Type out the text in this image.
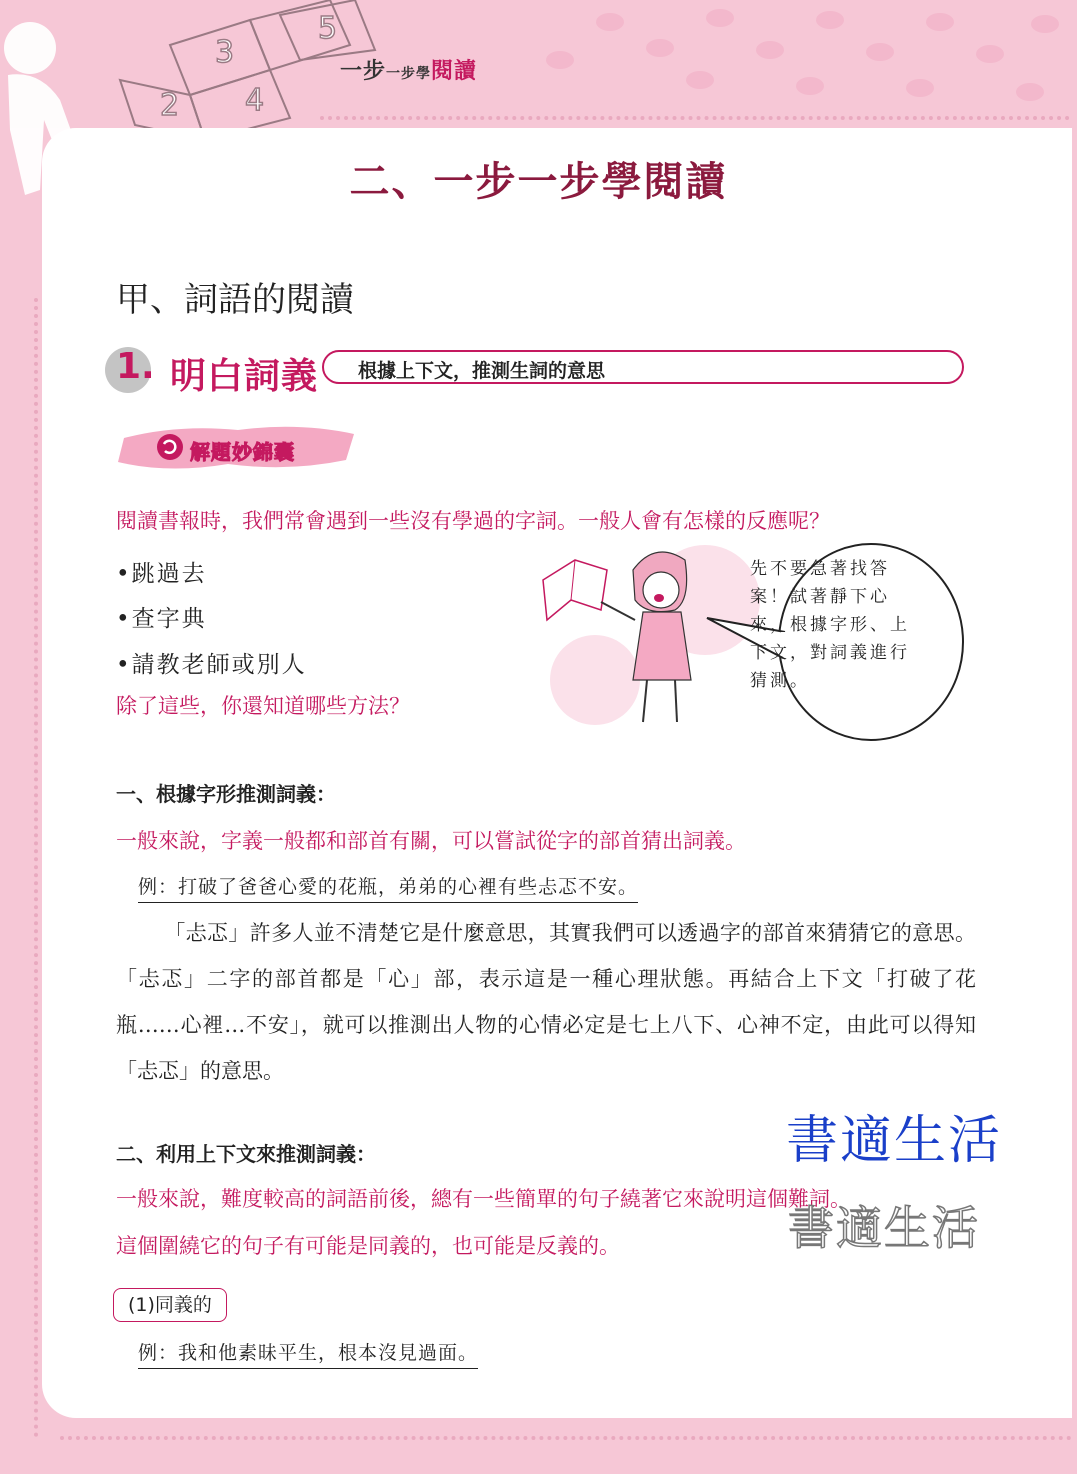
3
2 4
5
一步一步學閱讀
二、一步一步學閱讀
甲、詞語的閱讀
1. 明白詞義 根據上下文，推測生詞的意思
解題妙錦囊
閱讀書報時，我們常會遇到一些沒有學過的字詞。一般人會有怎樣的反應呢？
•跳過去
•查字典
•請教老師或別人
除了這些，你還知道哪些方法？
先不要急著找答案！試著靜下心來，根據字形、上下文，對詞義進行猜測。
一、根據字形推測詞義：
一般來說，字義一般都和部首有關，可以嘗試從字的部首猜出詞義。
例：打破了爸爸心愛的花瓶，弟弟的心裡有些忐忑不安。
「忐忑」許多人並不清楚它是什麼意思，其實我們可以透過字的部首來猜猜它的意思。「忐忑」二字的部首都是「心」部，表示這是一種心理狀態。再結合上下文「打破了花瓶……心裡…不安」，就可以推測出人物的心情必定是七上八下、心神不定，由此可以得知「忐忑」的意思。
書適生活
二、利用上下文來推測詞義：
一般來說，難度較高的詞語前後，總有一些簡單的句子繞著它來說明這個難詞。
這個圍繞它的句子有可能是同義的，也可能是反義的。	書適生活
(1)同義的
例：我和他素昧平生，根本沒見過面。
